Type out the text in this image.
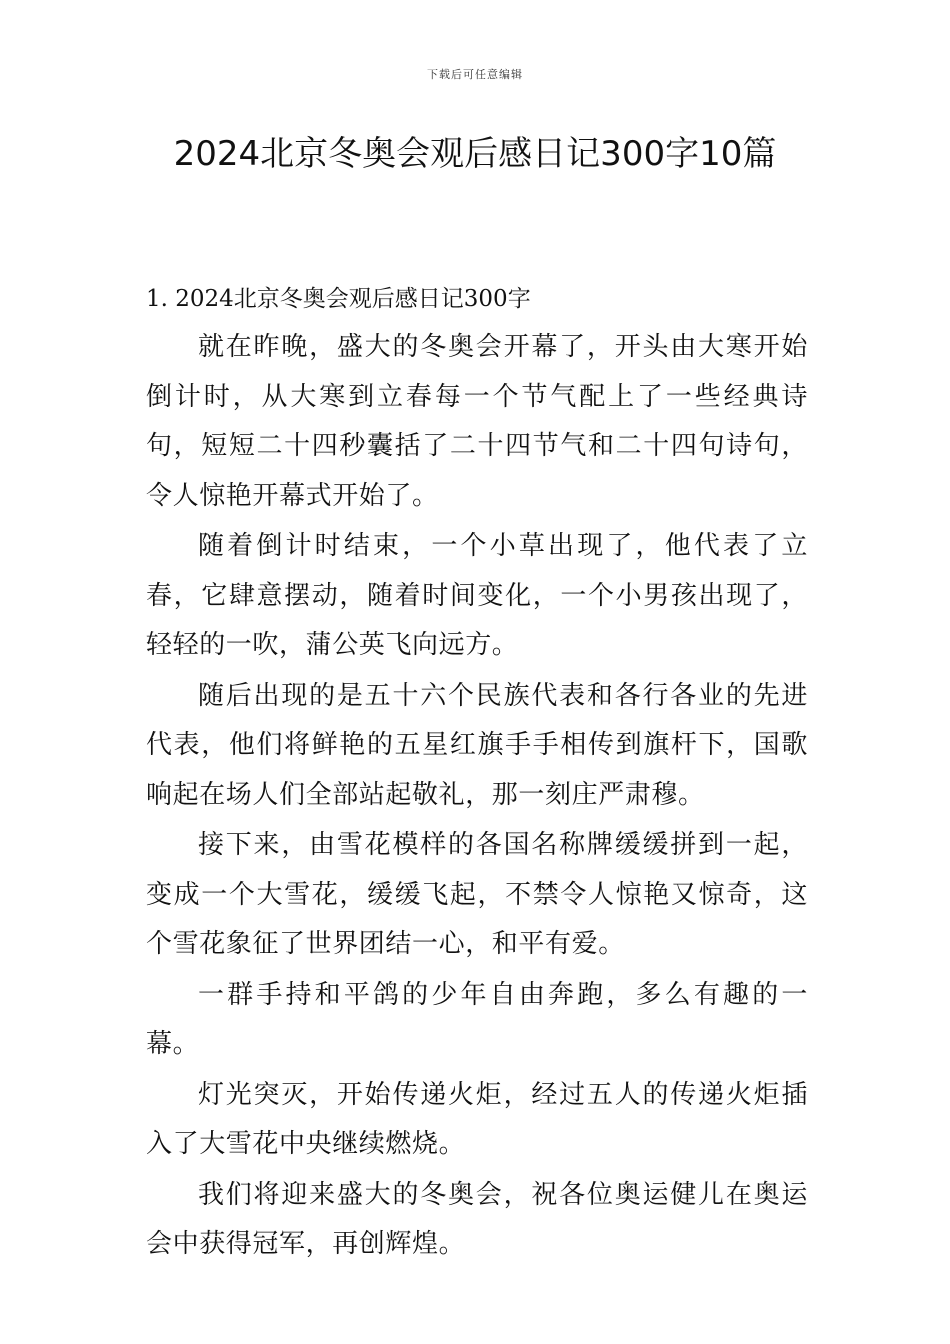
下载后可任意编辑
2024北京冬奥会观后感日记300字10篇
1. 2024北京冬奥会观后感日记300字

就在昨晚，盛大的冬奥会开幕了，开头由大寒开始倒计时，从大寒到立春每一个节气配上了一些经典诗句，短短二十四秒囊括了二十四节气和二十四句诗句，令人惊艳开幕式开始了。

随着倒计时结束，一个小草出现了，他代表了立春，它肆意摆动，随着时间变化，一个小男孩出现了，轻轻的一吹，蒲公英飞向远方。

随后出现的是五十六个民族代表和各行各业的先进代表，他们将鲜艳的五星红旗手手相传到旗杆下，国歌响起在场人们全部站起敬礼，那一刻庄严肃穆。

接下来，由雪花模样的各国名称牌缓缓拼到一起，变成一个大雪花，缓缓飞起，不禁令人惊艳又惊奇，这个雪花象征了世界团结一心，和平有爱。

一群手持和平鸽的少年自由奔跑，多么有趣的一幕。

灯光突灭，开始传递火炬，经过五人的传递火炬插入了大雪花中央继续燃烧。

我们将迎来盛大的冬奥会，祝各位奥运健儿在奥运会中获得冠军，再创辉煌。
